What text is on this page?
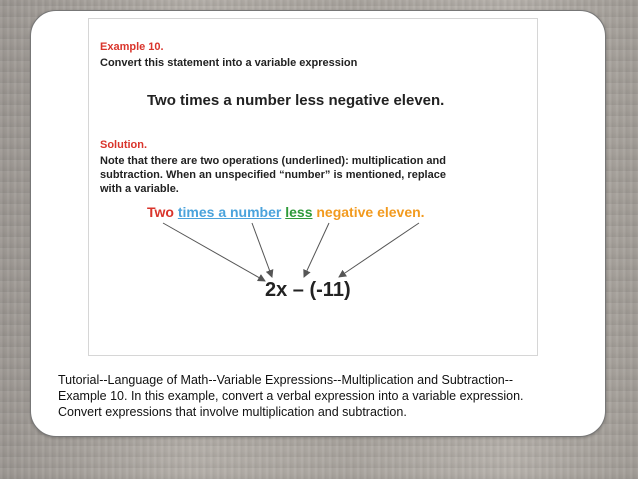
Example 10.
Convert this statement into a variable expression
Two times a number less negative eleven.
Solution.
Note that there are two operations (underlined): multiplication and
subtraction. When an unspecified “number” is mentioned, replace
with a variable.
Two times a number less negative eleven.
2x – (-11)
Tutorial--Language of Math--Variable Expressions--Multiplication and Subtraction--
Example 10. In this example, convert a verbal expression into a variable expression.
Convert expressions that involve multiplication and subtraction.
